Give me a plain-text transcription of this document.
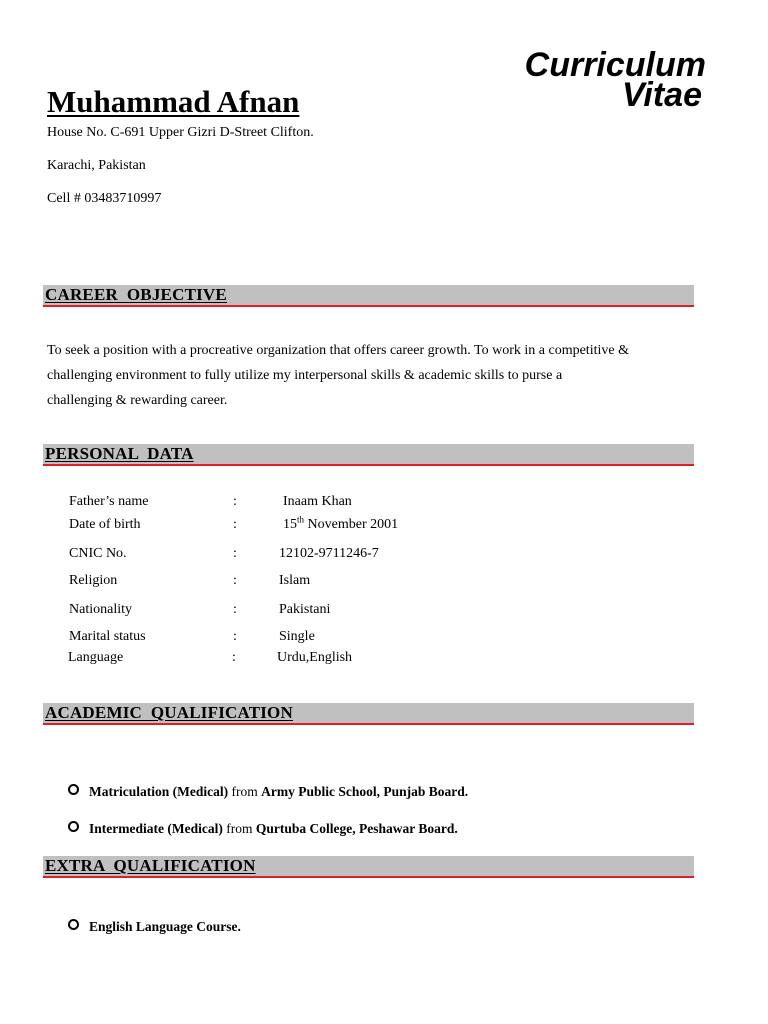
Curriculum
Vitae
Muhammad Afnan
House No. C-691 Upper Gizri D-Street Clifton.
Karachi, Pakistan
Cell # 03483710997
CAREER  OBJECTIVE
To seek a position with a procreative organization that offers career growth. To work in a competitive &
challenging environment to fully utilize my interpersonal skills & academic skills to purse a
challenging & rewarding career.
PERSONAL  DATA
Father’s name	:	Inaam Khan
Date of birth	:	15th November 2001
CNIC No.	:	12102-9711246-7
Religion	:	Islam
Nationality	:	Pakistani
Marital status	:	Single
Language	:	Urdu,English
ACADEMIC  QUALIFICATION
Matriculation (Medical) from Army Public School, Punjab Board.
Intermediate (Medical) from Qurtuba College, Peshawar Board.
EXTRA  QUALIFICATION
English Language Course.
